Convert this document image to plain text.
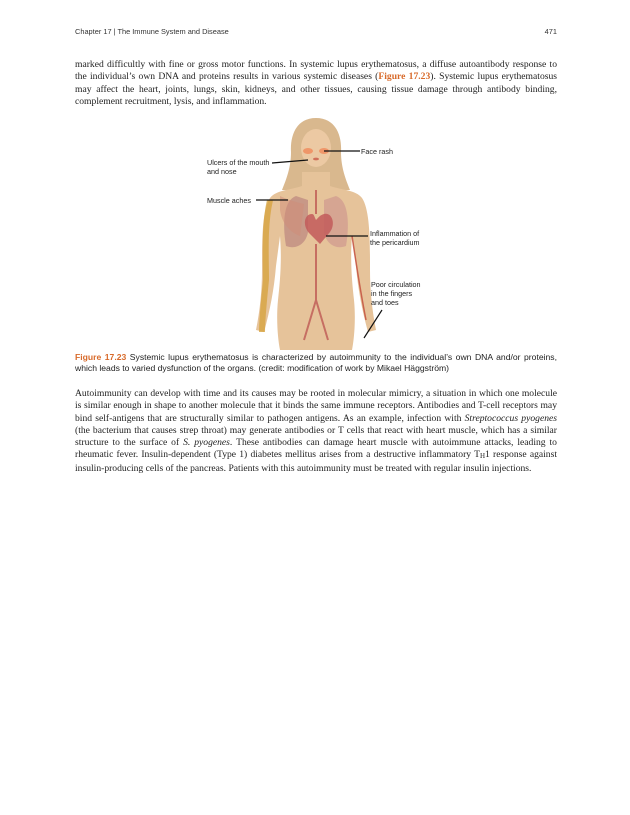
Chapter 17 | The Immune System and Disease	471

marked difficultly with fine or gross motor functions. In systemic lupus erythematosus, a diffuse autoantibody response to the individual’s own DNA and proteins results in various systemic diseases (Figure 17.23). Systemic lupus erythematosus may affect the heart, joints, lungs, skin, kidneys, and other tissues, causing tissue damage through antibody binding, complement recruitment, lysis, and inflammation.

Face rash
Ulcers of the mouth
and nose
Muscle aches
Inflammation of
the pericardium
Poor circulation
in the fingers
and toes

Figure 17.23 Systemic lupus erythematosus is characterized by autoimmunity to the individual’s own DNA and/or proteins, which leads to varied dysfunction of the organs. (credit: modification of work by Mikael Häggström)

Autoimmunity can develop with time and its causes may be rooted in molecular mimicry, a situation in which one molecule is similar enough in shape to another molecule that it binds the same immune receptors. Antibodies and T-cell receptors may bind self-antigens that are structurally similar to pathogen antigens. As an example, infection with Streptococcus pyogenes (the bacterium that causes strep throat) may generate antibodies or T cells that react with heart muscle, which has a similar structure to the surface of S. pyogenes. These antibodies can damage heart muscle with autoimmune attacks, leading to rheumatic fever. Insulin-dependent (Type 1) diabetes mellitus arises from a destructive inflammatory $T_H1$ response against insulin-producing cells of the pancreas. Patients with this autoimmunity must be treated with regular insulin injections.
